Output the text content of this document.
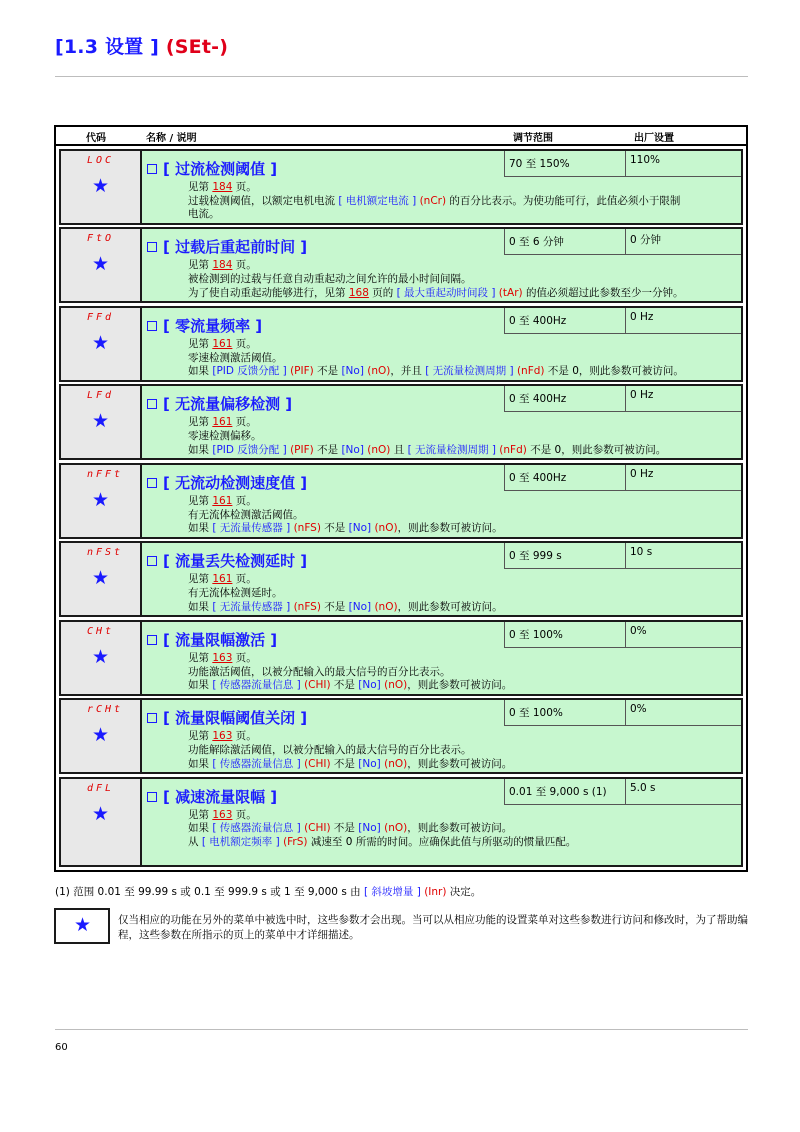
[1.3 设置 ] (SEt-)
代码	名称 / 说明	调节范围	出厂设置
LOC
★
[ 过流检测阈值 ]	70 至 150%	110%
见第 184 页。
过载检测阈值，以额定电机电流 [ 电机额定电流 ] (nCr) 的百分比表示。为使功能可行，此值必须小于限制
电流。
FtO
★
[ 过载后重起前时间 ]	0 至 6 分钟	0 分钟
见第 184 页。
被检测到的过载与任意自动重起动之间允许的最小时间间隔。
为了使自动重起动能够进行，见第 168 页的 [ 最大重起动时间段 ] (tAr) 的值必须超过此参数至少一分钟。
FFd
★
[ 零流量频率 ]	0 至 400Hz	0 Hz
见第 161 页。
零速检测激活阈值。
如果 [PID 反馈分配 ] (PIF) 不是 [No] (nO)，并且 [ 无流量检测周期 ] (nFd) 不是 0，则此参数可被访问。
LFd
★
[ 无流量偏移检测 ]	0 至 400Hz	0 Hz
见第 161 页。
零速检测偏移。
如果 [PID 反馈分配 ] (PIF) 不是 [No] (nO) 且 [ 无流量检测周期 ] (nFd) 不是 0，则此参数可被访问。
nFFt
★
[ 无流动检测速度值 ]	0 至 400Hz	0 Hz
见第 161 页。
有无流体检测激活阈值。
如果 [ 无流量传感器 ] (nFS) 不是 [No] (nO)，则此参数可被访问。
nFSt
★
[ 流量丢失检测延时 ]	0 至 999 s	10 s
见第 161 页。
有无流体检测延时。
如果 [ 无流量传感器 ] (nFS) 不是 [No] (nO)，则此参数可被访问。
CHt
★
[ 流量限幅激活 ]	0 至 100%	0%
见第 163 页。
功能激活阈值，以被分配输入的最大信号的百分比表示。
如果 [ 传感器流量信息 ] (CHI) 不是 [No] (nO)，则此参数可被访问。
rCHt
★
[ 流量限幅阈值关闭 ]	0 至 100%	0%
见第 163 页。
功能解除激活阈值，以被分配输入的最大信号的百分比表示。
如果 [ 传感器流量信息 ] (CHI) 不是 [No] (nO)，则此参数可被访问。
dFL
★
[ 减速流量限幅 ]	0.01 至 9,000 s (1)	5.0 s
见第 163 页。
如果 [ 传感器流量信息 ] (CHI) 不是 [No] (nO)，则此参数可被访问。
从 [ 电机额定频率 ] (FrS) 减速至 0 所需的时间。应确保此值与所驱动的惯量匹配。
(1) 范围 0.01 至 99.99 s 或 0.1 至 999.9 s 或 1 至 9,000 s 由 [ 斜坡增量 ] (Inr) 决定。
★	仅当相应的功能在另外的菜单中被选中时，这些参数才会出现。当可以从相应功能的设置菜单对这些参数进行访问和修改时，为了帮助编程，这些参数在所指示的页上的菜单中才详细描述。
60
